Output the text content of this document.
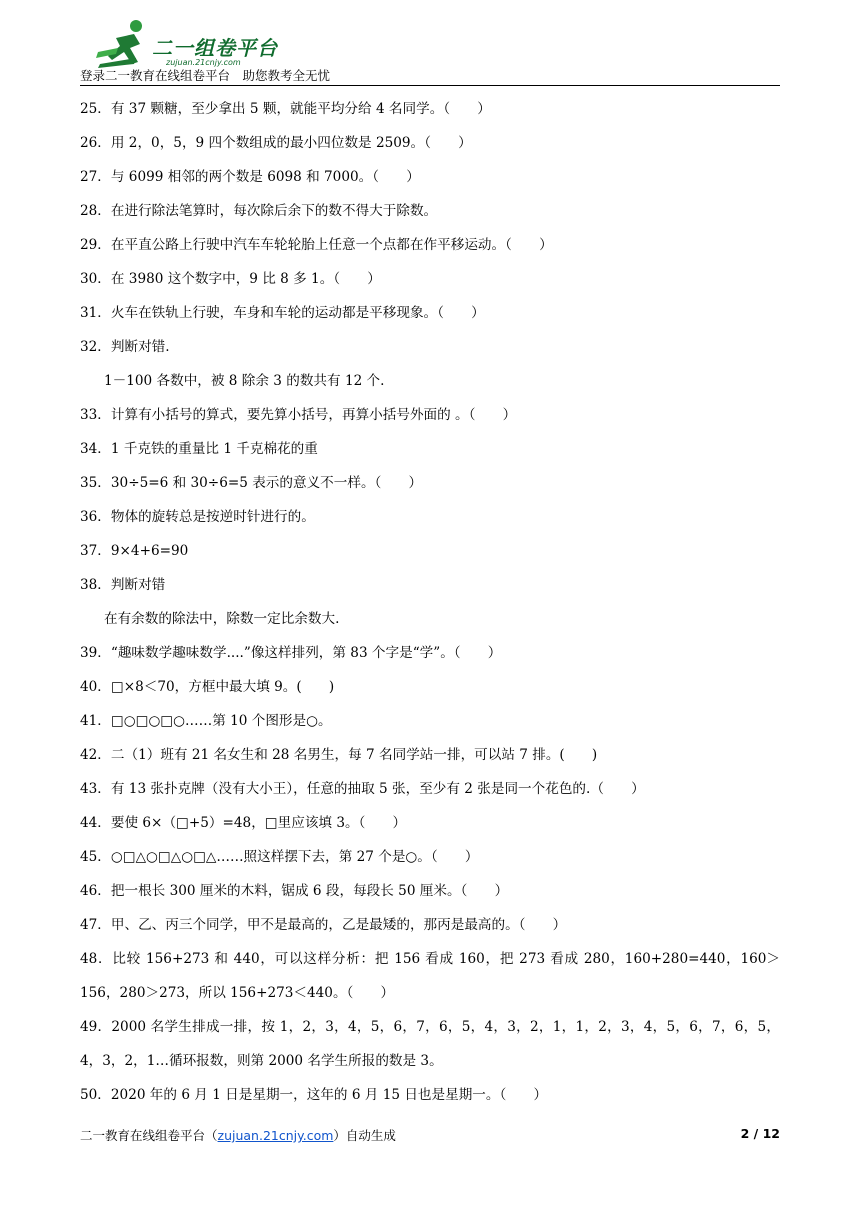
二一组卷平台
zujuan.21cnjy.com
登录二一教育在线组卷平台　助您教考全无忧
25．有 37 颗糖，至少拿出 5 颗，就能平均分给 4 名同学。（　　）
26．用 2，0，5，9 四个数组成的最小四位数是 2509。（　　）
27．与 6099 相邻的两个数是 6098 和 7000。（　　）
28．在进行除法笔算时，每次除后余下的数不得大于除数。
29．在平直公路上行驶中汽车车轮轮胎上任意一个点都在作平移运动。（　　）
30．在 3980 这个数字中，9 比 8 多 1。（　　）
31．火车在铁轨上行驶，车身和车轮的运动都是平移现象。（　　）
32．判断对错.
1－100 各数中，被 8 除余 3 的数共有 12 个.
33．计算有小括号的算式，要先算小括号，再算小括号外面的 。（　　）
34．1 千克铁的重量比 1 千克棉花的重
35．30÷5=6 和 30÷6=5 表示的意义不一样。（　　）
36．物体的旋转总是按逆时针进行的。
37．9×4+6=90
38．判断对错
在有余数的除法中，除数一定比余数大.
39．“趣味数学趣味数学....”像这样排列，第 83 个字是“学”。（　　）
40．□×8＜70，方框中最大填 9。(　　)
41．□○□○□○……第 10 个图形是○。
42．二（1）班有 21 名女生和 28 名男生，每 7 名同学站一排，可以站 7 排。(　　)
43．有 13 张扑克牌（没有大小王），任意的抽取 5 张，至少有 2 张是同一个花色的.（　　）
44．要使 6×（□+5）=48，□里应该填 3。（　　）
45．○□△○□△○□△……照这样摆下去，第 27 个是○。（　　）
46．把一根长 300 厘米的木料，锯成 6 段，每段长 50 厘米。（　　）
47．甲、乙、丙三个同学，甲不是最高的，乙是最矮的，那丙是最高的。（　　）
48．比较 156+273 和 440，可以这样分析：把 156 看成 160，把 273 看成 280，160+280=440，160＞156，280＞273，所以 156+273＜440。（　　）
49．2000 名学生排成一排，按 1，2，3，4，5，6，7，6，5，4，3，2，1，1，2，3，4，5，6，7，6，5，4，3，2，1…循环报数，则第 2000 名学生所报的数是 3。
50．2020 年的 6 月 1 日是星期一，这年的 6 月 15 日也是星期一。（　　）
二一教育在线组卷平台（zujuan.21cnjy.com）自动生成	2 / 12
